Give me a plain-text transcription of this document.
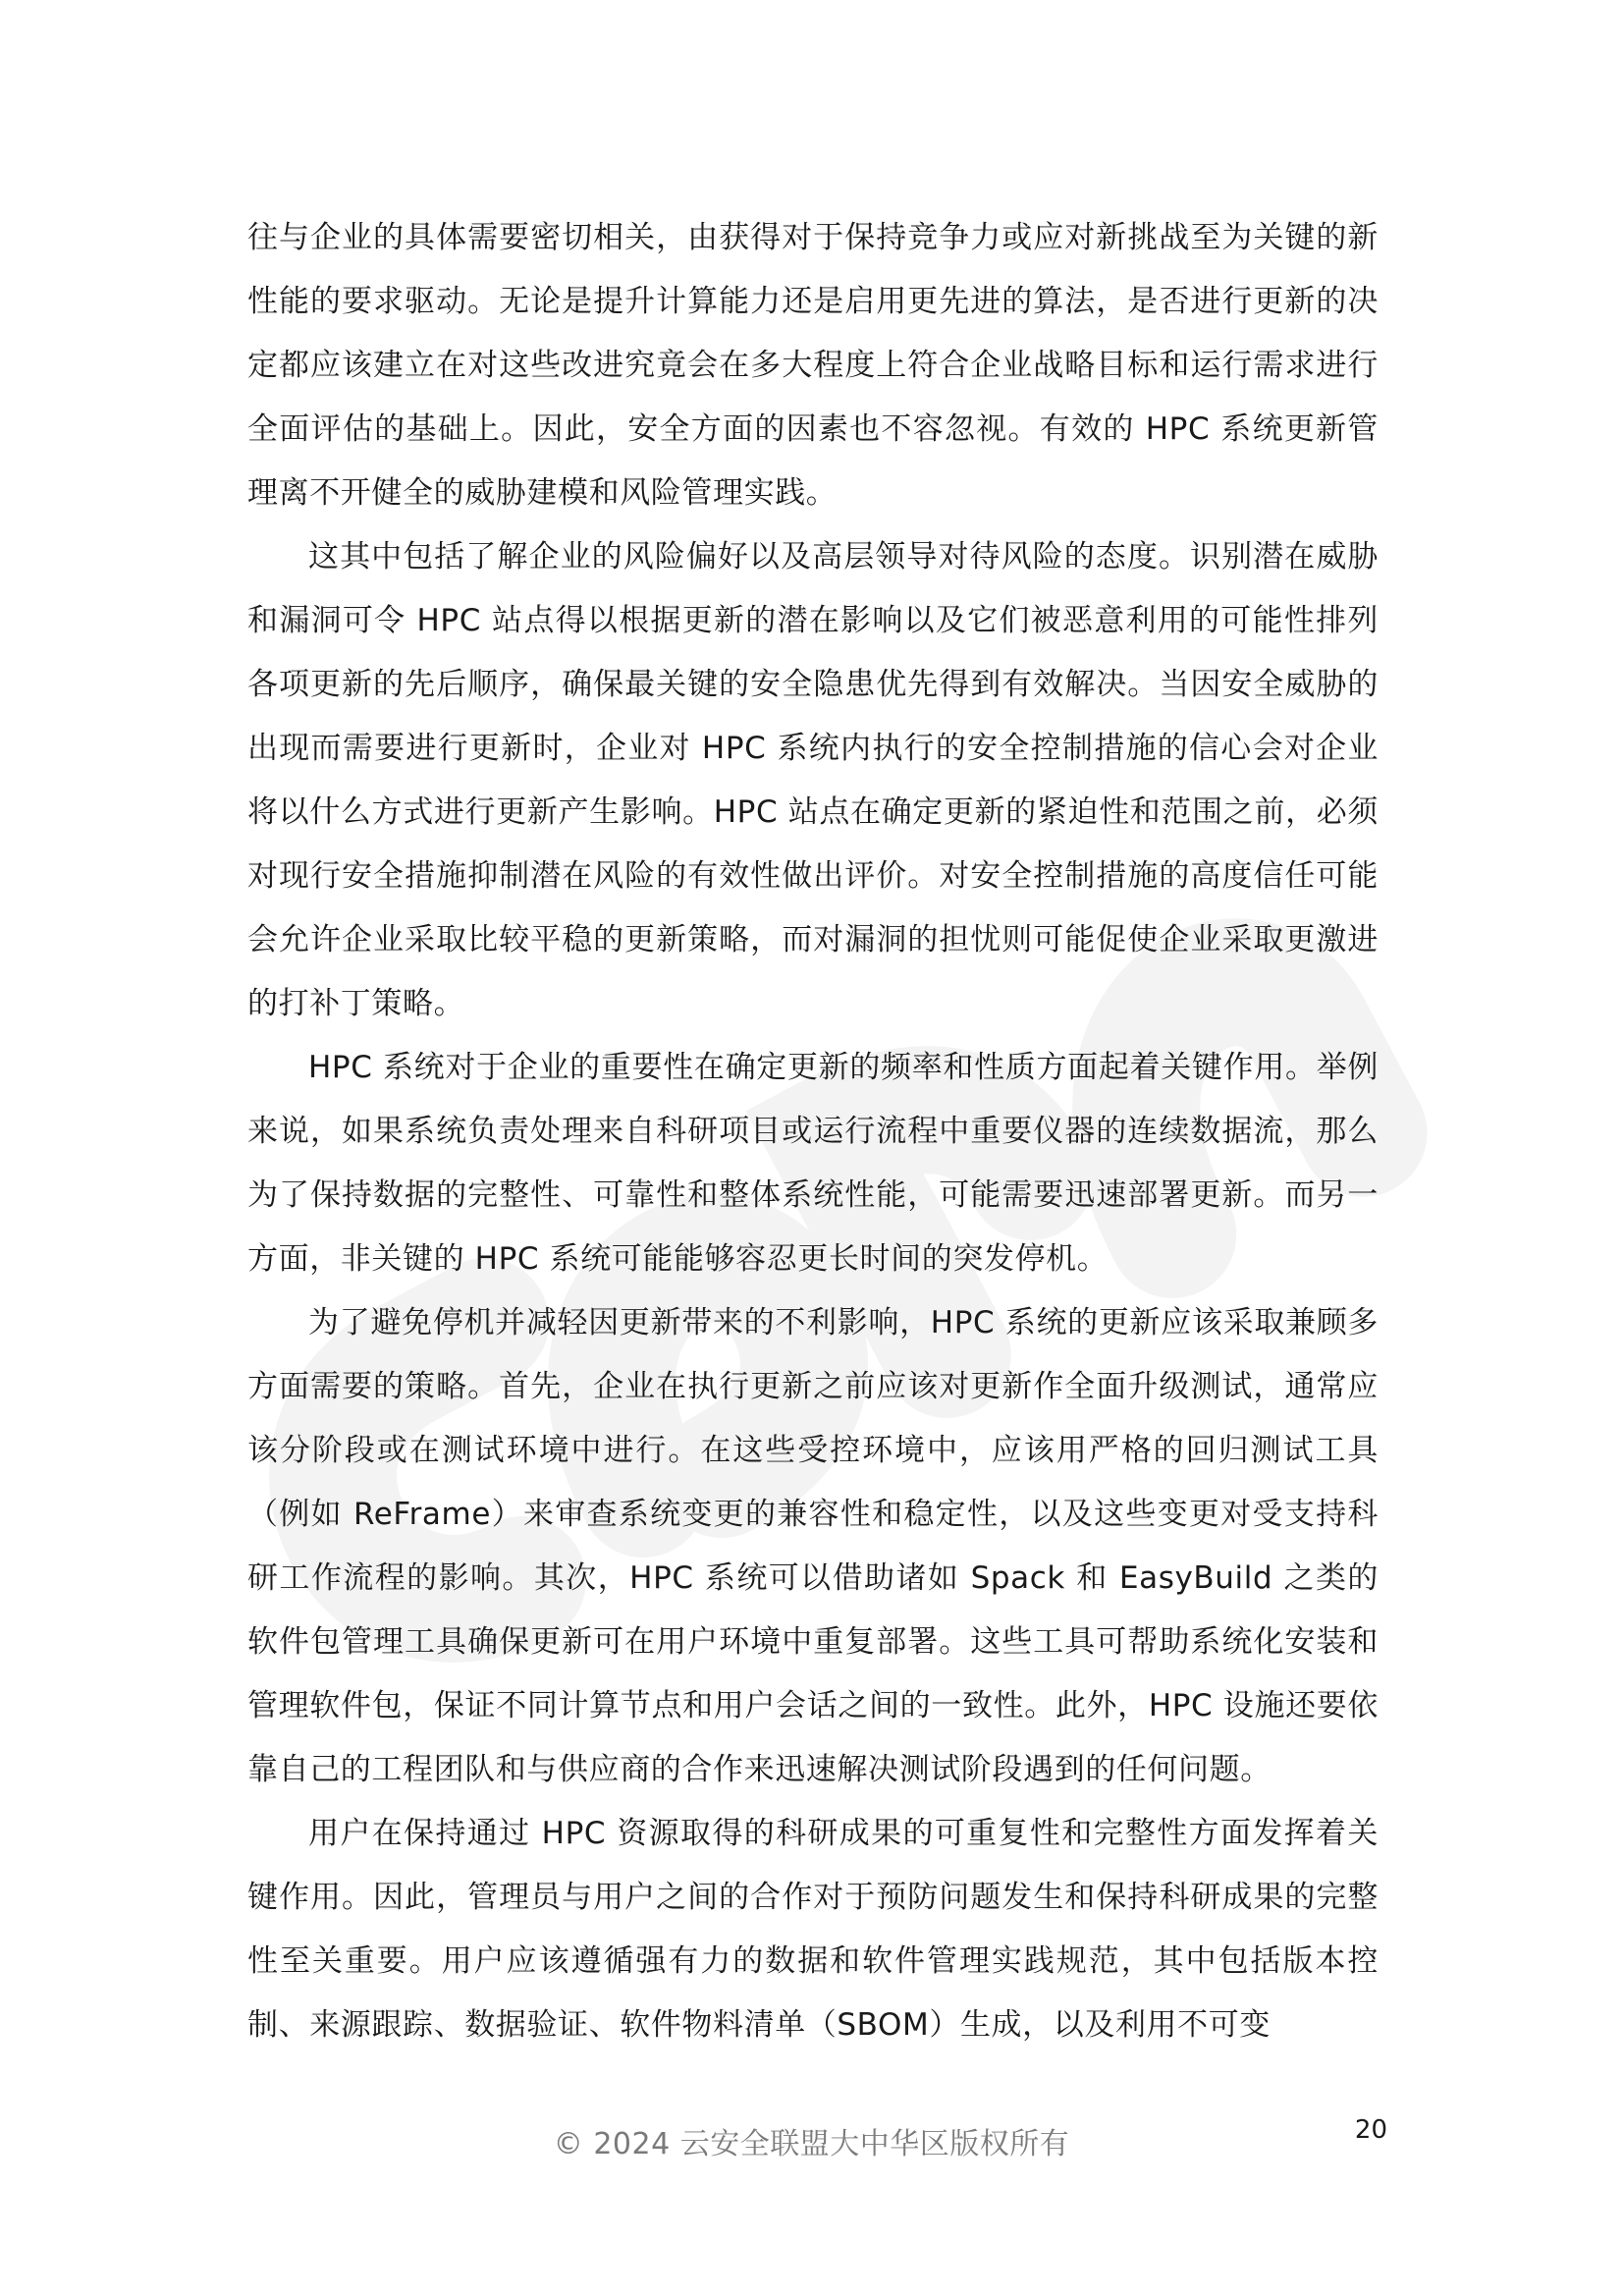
往与企业的具体需要密切相关，由获得对于保持竞争力或应对新挑战至为关键的新性能的要求驱动。无论是提升计算能力还是启用更先进的算法，是否进行更新的决定都应该建立在对这些改进究竟会在多大程度上符合企业战略目标和运行需求进行全面评估的基础上。因此，安全方面的因素也不容忽视。有效的 HPC 系统更新管理离不开健全的威胁建模和风险管理实践。

这其中包括了解企业的风险偏好以及高层领导对待风险的态度。识别潜在威胁和漏洞可令 HPC 站点得以根据更新的潜在影响以及它们被恶意利用的可能性排列各项更新的先后顺序，确保最关键的安全隐患优先得到有效解决。当因安全威胁的出现而需要进行更新时，企业对 HPC 系统内执行的安全控制措施的信心会对企业将以什么方式进行更新产生影响。HPC 站点在确定更新的紧迫性和范围之前，必须对现行安全措施抑制潜在风险的有效性做出评价。对安全控制措施的高度信任可能会允许企业采取比较平稳的更新策略，而对漏洞的担忧则可能促使企业采取更激进的打补丁策略。

HPC 系统对于企业的重要性在确定更新的频率和性质方面起着关键作用。举例来说，如果系统负责处理来自科研项目或运行流程中重要仪器的连续数据流，那么为了保持数据的完整性、可靠性和整体系统性能，可能需要迅速部署更新。而另一方面，非关键的 HPC 系统可能能够容忍更长时间的突发停机。

为了避免停机并减轻因更新带来的不利影响，HPC 系统的更新应该采取兼顾多方面需要的策略。首先，企业在执行更新之前应该对更新作全面升级测试，通常应该分阶段或在测试环境中进行。在这些受控环境中，应该用严格的回归测试工具（例如 ReFrame）来审查系统变更的兼容性和稳定性，以及这些变更对受支持科研工作流程的影响。其次，HPC 系统可以借助诸如 Spack 和 EasyBuild 之类的软件包管理工具确保更新可在用户环境中重复部署。这些工具可帮助系统化安装和管理软件包，保证不同计算节点和用户会话之间的一致性。此外，HPC 设施还要依靠自己的工程团队和与供应商的合作来迅速解决测试阶段遇到的任何问题。

用户在保持通过 HPC 资源取得的科研成果的可重复性和完整性方面发挥着关键作用。因此，管理员与用户之间的合作对于预防问题发生和保持科研成果的完整性至关重要。用户应该遵循强有力的数据和软件管理实践规范，其中包括版本控制、来源跟踪、数据验证、软件物料清单（SBOM）生成，以及利用不可变

© 2024 云安全联盟大中华区版权所有	20
